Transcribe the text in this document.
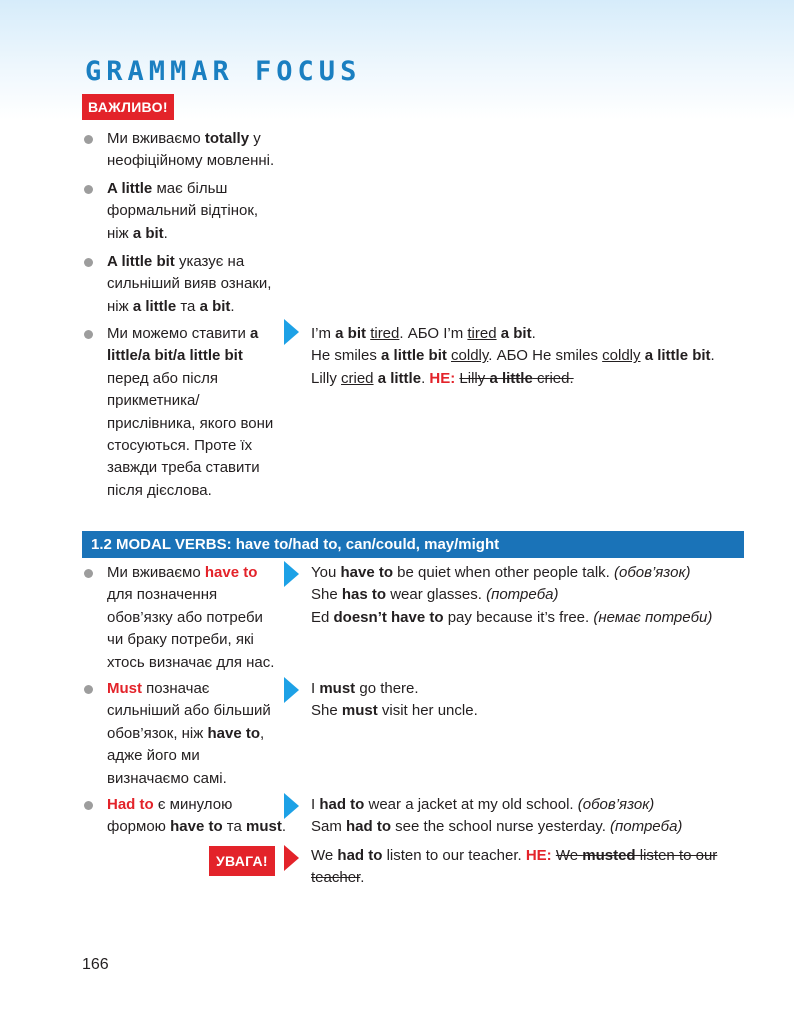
GRAMMAR FOCUS
ВАЖЛИВО!
Ми вживаємо totally у
неофіційному мовленні.
A little має більш
формальний відтінок,
ніж a bit.
A little bit указує на
сильніший вияв ознаки,
ніж a little та a bit.
Ми можемо ставити a
little/a bit/a little bit
перед або після
прикметника/
прислівника, якого вони
стосуються. Проте їх
завжди треба ставити
після дієслова.
I’m a bit tired. АБО I’m tired a bit.
He smiles a little bit coldly. АБО He smiles coldly a little bit.
Lilly cried a little. НЕ: Lilly a little cried.
1.2 MODAL VERBS: have to/had to, can/could, may/might
Ми вживаємо have to
для позначення
обов’язку або потреби
чи браку потреби, які
хтось визначає для нас.
You have to be quiet when other people talk. (обов’язок)
She has to wear glasses. (потреба)
Ed doesn’t have to pay because it’s free. (немає потреби)
Must позначає
сильніший або більший
обов’язок, ніж have to,
адже його ми
визначаємо самі.
I must go there.
She must visit her uncle.
Had to є минулою
формою have to та must.
I had to wear a jacket at my old school. (обов’язок)
Sam had to see the school nurse yesterday. (потреба)
УВАГА!	We had to listen to our teacher. НЕ: We musted listen to our
teacher.
166
